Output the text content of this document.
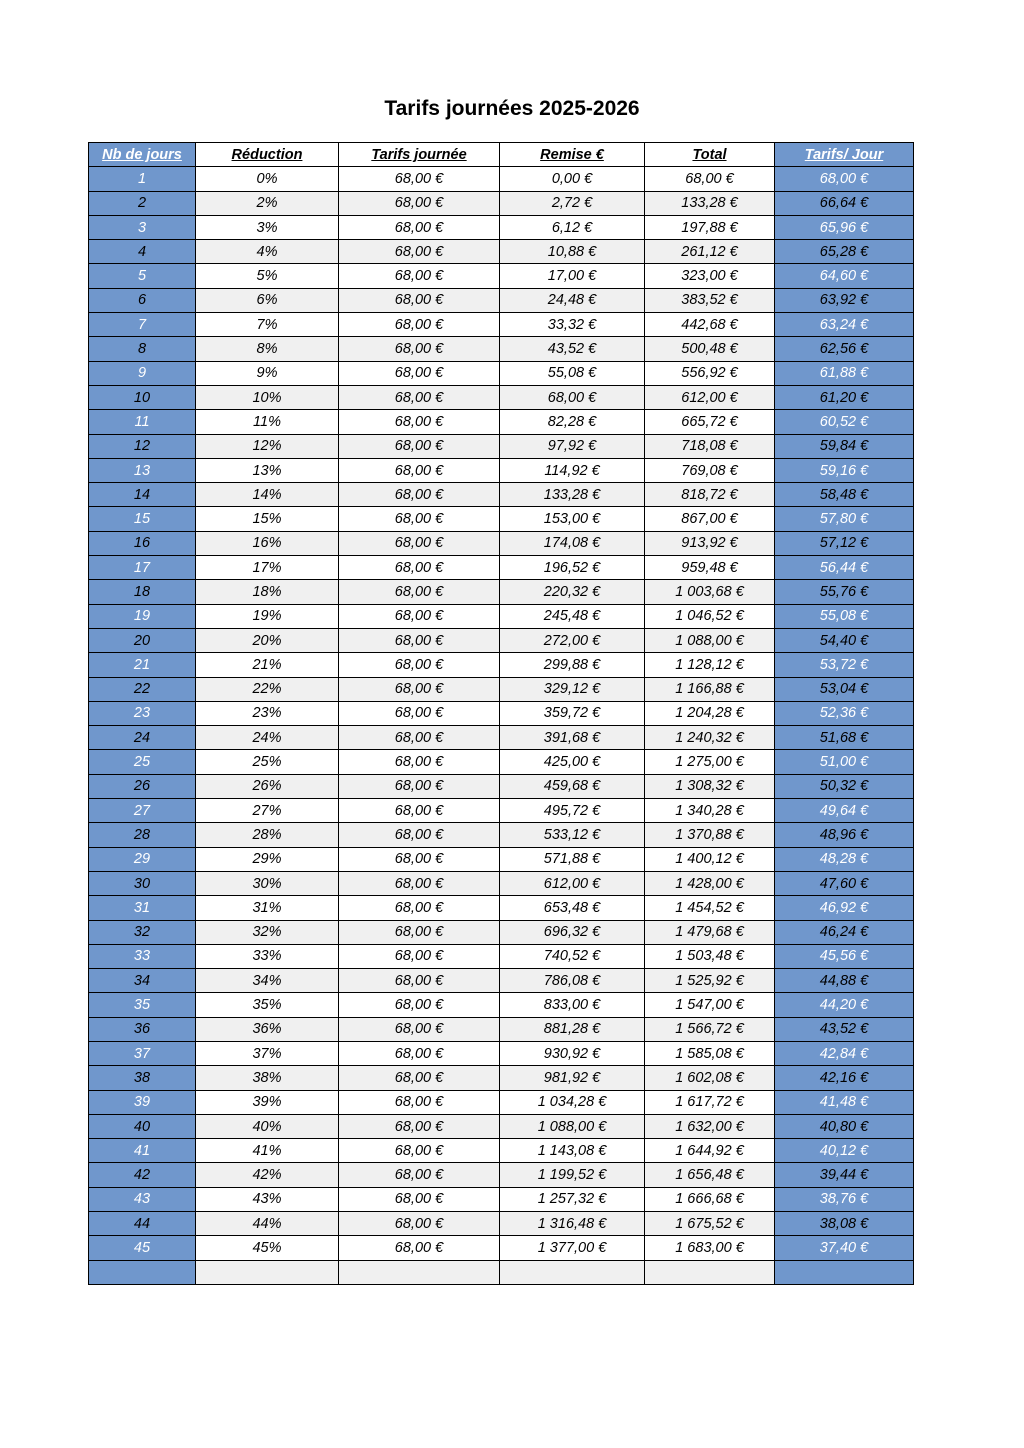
Tarifs journées 2025-2026
Nb de jours	Réduction	Tarifs journée	Remise €	Total	Tarifs/ Jour
1	0%	68,00 €	0,00 €	68,00 €	68,00 €
2	2%	68,00 €	2,72 €	133,28 €	66,64 €
3	3%	68,00 €	6,12 €	197,88 €	65,96 €
4	4%	68,00 €	10,88 €	261,12 €	65,28 €
5	5%	68,00 €	17,00 €	323,00 €	64,60 €
6	6%	68,00 €	24,48 €	383,52 €	63,92 €
7	7%	68,00 €	33,32 €	442,68 €	63,24 €
8	8%	68,00 €	43,52 €	500,48 €	62,56 €
9	9%	68,00 €	55,08 €	556,92 €	61,88 €
10	10%	68,00 €	68,00 €	612,00 €	61,20 €
11	11%	68,00 €	82,28 €	665,72 €	60,52 €
12	12%	68,00 €	97,92 €	718,08 €	59,84 €
13	13%	68,00 €	114,92 €	769,08 €	59,16 €
14	14%	68,00 €	133,28 €	818,72 €	58,48 €
15	15%	68,00 €	153,00 €	867,00 €	57,80 €
16	16%	68,00 €	174,08 €	913,92 €	57,12 €
17	17%	68,00 €	196,52 €	959,48 €	56,44 €
18	18%	68,00 €	220,32 €	1 003,68 €	55,76 €
19	19%	68,00 €	245,48 €	1 046,52 €	55,08 €
20	20%	68,00 €	272,00 €	1 088,00 €	54,40 €
21	21%	68,00 €	299,88 €	1 128,12 €	53,72 €
22	22%	68,00 €	329,12 €	1 166,88 €	53,04 €
23	23%	68,00 €	359,72 €	1 204,28 €	52,36 €
24	24%	68,00 €	391,68 €	1 240,32 €	51,68 €
25	25%	68,00 €	425,00 €	1 275,00 €	51,00 €
26	26%	68,00 €	459,68 €	1 308,32 €	50,32 €
27	27%	68,00 €	495,72 €	1 340,28 €	49,64 €
28	28%	68,00 €	533,12 €	1 370,88 €	48,96 €
29	29%	68,00 €	571,88 €	1 400,12 €	48,28 €
30	30%	68,00 €	612,00 €	1 428,00 €	47,60 €
31	31%	68,00 €	653,48 €	1 454,52 €	46,92 €
32	32%	68,00 €	696,32 €	1 479,68 €	46,24 €
33	33%	68,00 €	740,52 €	1 503,48 €	45,56 €
34	34%	68,00 €	786,08 €	1 525,92 €	44,88 €
35	35%	68,00 €	833,00 €	1 547,00 €	44,20 €
36	36%	68,00 €	881,28 €	1 566,72 €	43,52 €
37	37%	68,00 €	930,92 €	1 585,08 €	42,84 €
38	38%	68,00 €	981,92 €	1 602,08 €	42,16 €
39	39%	68,00 €	1 034,28 €	1 617,72 €	41,48 €
40	40%	68,00 €	1 088,00 €	1 632,00 €	40,80 €
41	41%	68,00 €	1 143,08 €	1 644,92 €	40,12 €
42	42%	68,00 €	1 199,52 €	1 656,48 €	39,44 €
43	43%	68,00 €	1 257,32 €	1 666,68 €	38,76 €
44	44%	68,00 €	1 316,48 €	1 675,52 €	38,08 €
45	45%	68,00 €	1 377,00 €	1 683,00 €	37,40 €
